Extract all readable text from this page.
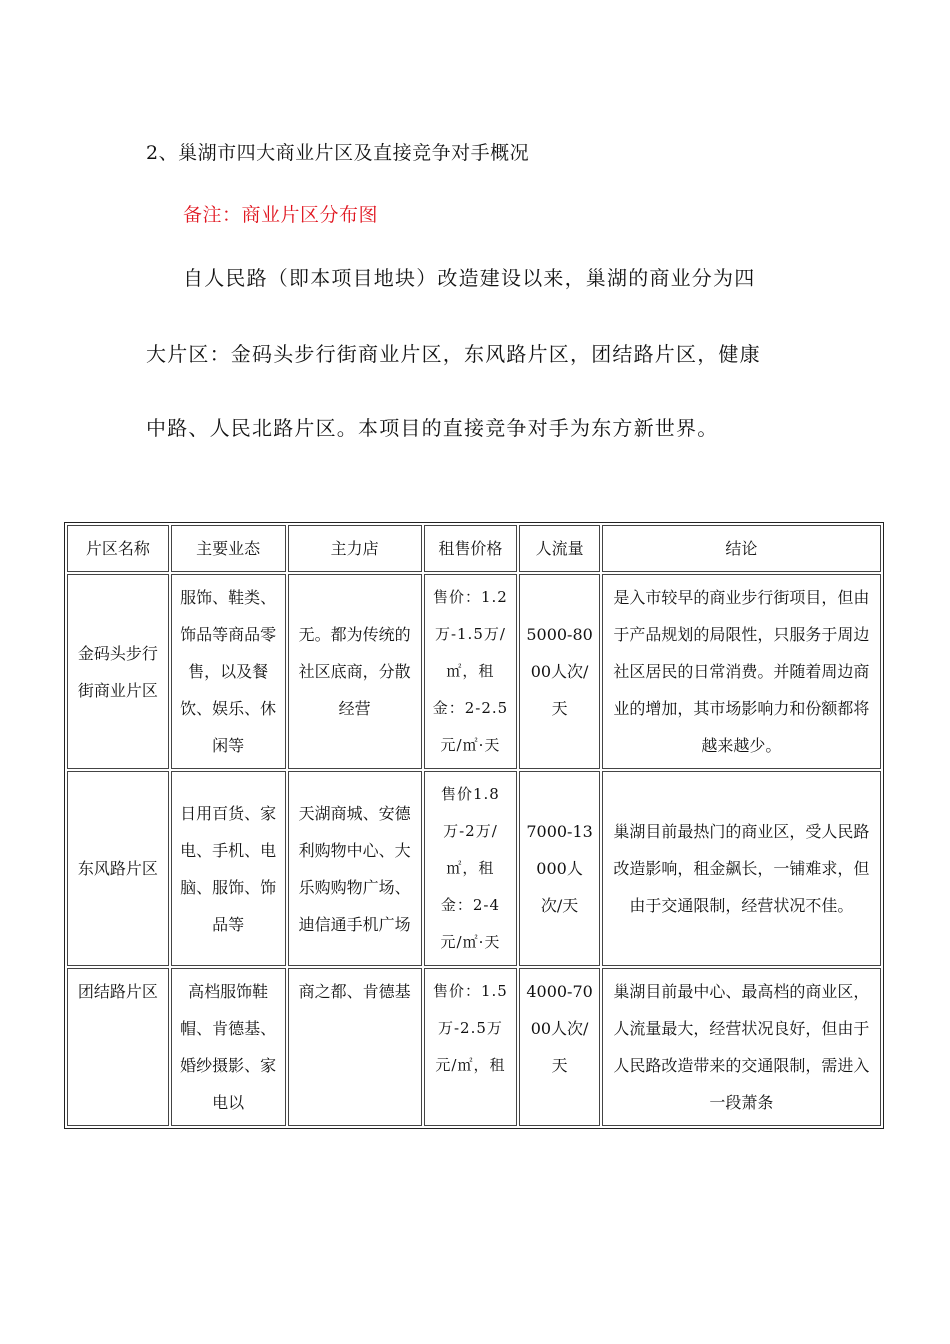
2、巢湖市四大商业片区及直接竞争对手概况
备注：商业片区分布图
自人民路（即本项目地块）改造建设以来，巢湖的商业分为四
大片区：金码头步行街商业片区，东风路片区，团结路片区，健康
中路、人民北路片区。本项目的直接竞争对手为东方新世界。
片区名称	主要业态	主力店	租售价格	人流量	结论
金码头步行街商业片区	服饰、鞋类、饰品等商品零售，以及餐饮、娱乐、休闲等	无。都为传统的社区底商，分散经营	售价：1.2万-1.5万/㎡，租金：2-2.5元/㎡·天	5000-8000人次/天	是入市较早的商业步行街项目，但由于产品规划的局限性，只服务于周边社区居民的日常消费。并随着周边商业的增加，其市场影响力和份额都将越来越少。
东风路片区	日用百货、家电、手机、电脑、服饰、饰品等	天湖商城、安德利购物中心、大乐购购物广场、迪信通手机广场	售价1.8万-2万/㎡，租金：2-4元/㎡·天	7000-13000人次/天	巢湖目前最热门的商业区，受人民路改造影响，租金飙长，一铺难求，但由于交通限制，经营状况不佳。
团结路片区	高档服饰鞋帽、肯德基、婚纱摄影、家电以	商之都、肯德基	售价：1.5万-2.5万元/㎡，租	4000-7000人次/天	巢湖目前最中心、最高档的商业区，人流量最大，经营状况良好，但由于人民路改造带来的交通限制，需进入一段萧条
